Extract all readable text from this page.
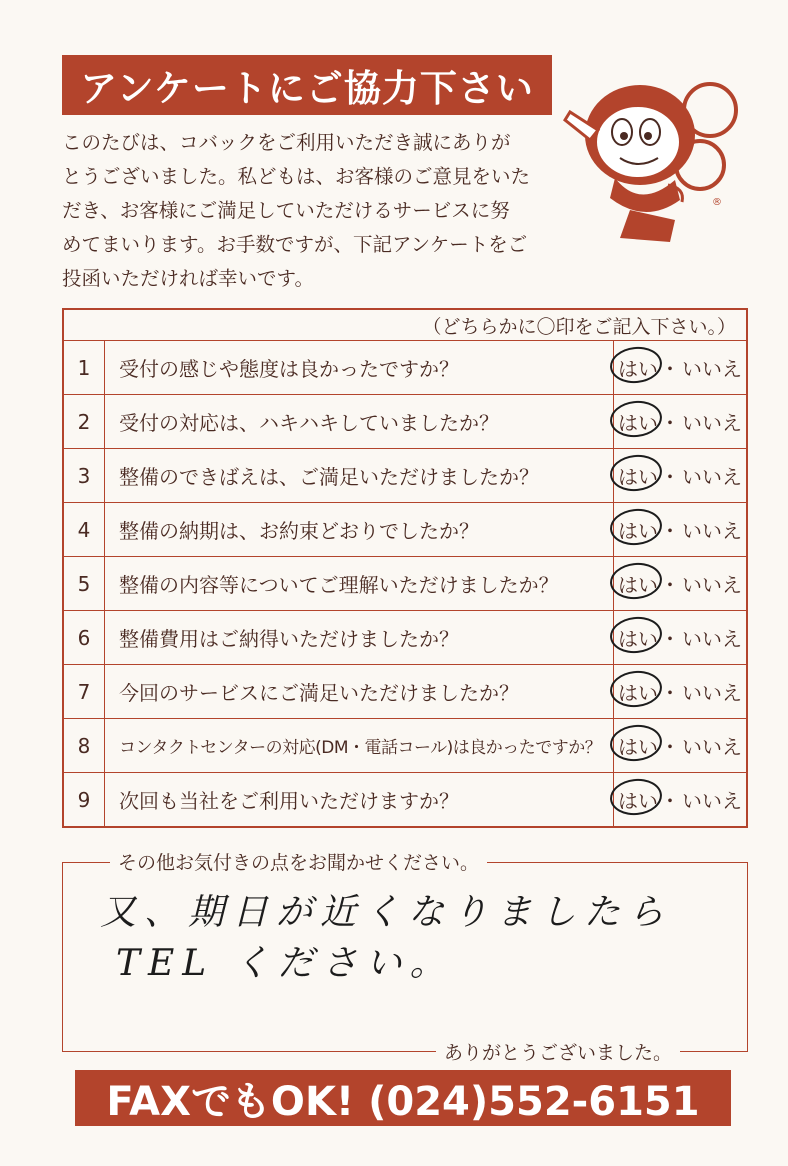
アンケートにご協力下さい
このたびは、コバックをご利用いただき誠にありが
とうございました。私どもは、お客様のご意見をいた
だき、お客様にご満足していただけるサービスに努
めてまいります。お手数ですが、下記アンケートをご
投函いただければ幸いです。
®
（どちらかに〇印をご記入下さい。）		
1	受付の感じや態度は良かったですか？	はい ・ いいえ
2	受付の対応は、ハキハキしていましたか？	はい ・ いいえ
3	整備のできばえは、ご満足いただけましたか？	はい ・ いいえ
4	整備の納期は、お約束どおりでしたか？	はい ・ いいえ
5	整備の内容等についてご理解いただけましたか？	はい ・ いいえ
6	整備費用はご納得いただけましたか？	はい ・ いいえ
7	今回のサービスにご満足いただけましたか？	はい ・ いいえ
8	コンタクトセンターの対応(DM・電話コール)は良かったですか？	はい ・ いいえ
9	次回も当社をご利用いただけますか？	はい ・ いいえ
その他お気付きの点をお聞かせください。
又、期日が近くなりましたら
TEL ください。
ありがとうございました。
FAXでもOK! (024)552-6151
